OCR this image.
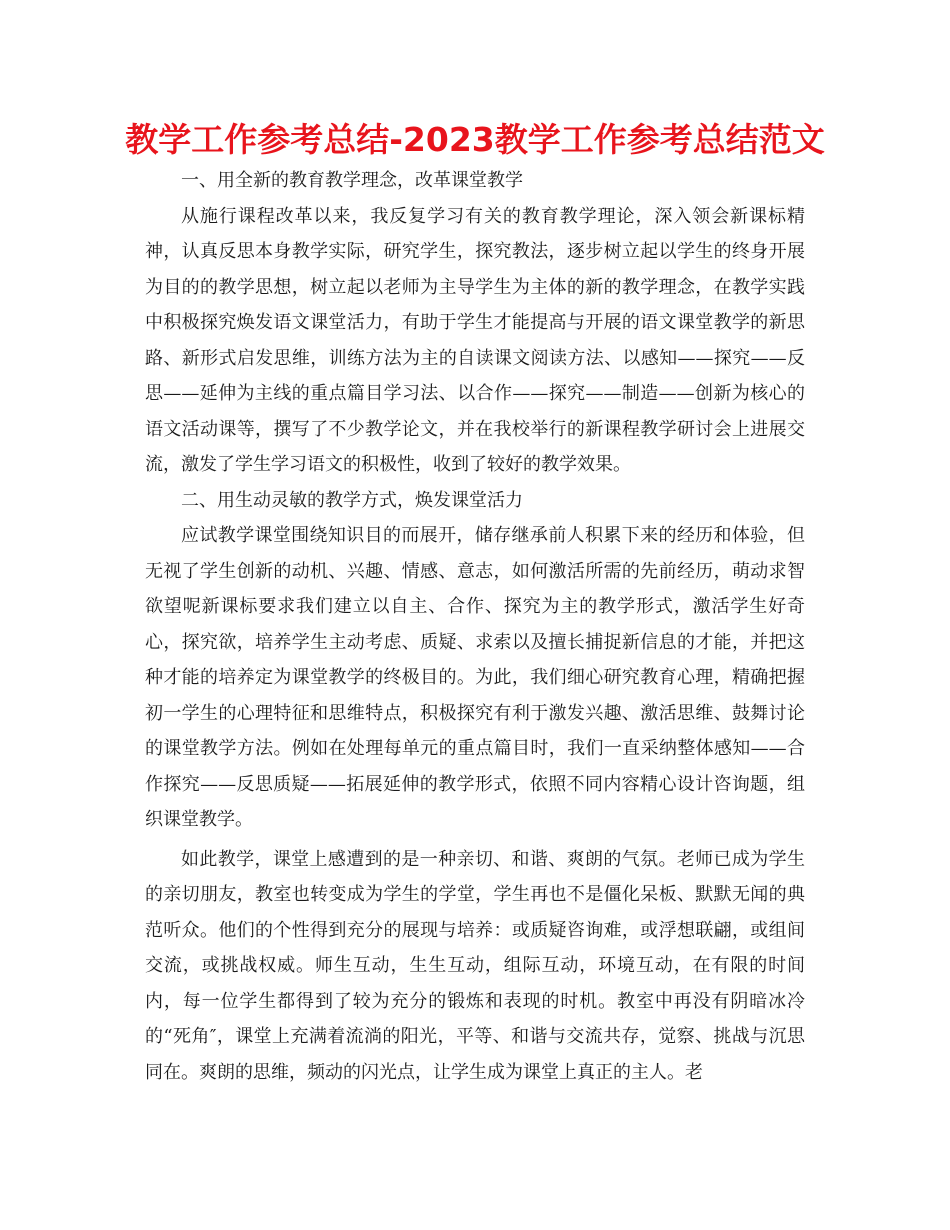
教学工作参考总结-2023教学工作参考总结范文

一、用全新的教育教学理念，改革课堂教学

从施行课程改革以来，我反复学习有关的教育教学理论，深入领会新课标精神，认真反思本身教学实际，研究学生，探究教法，逐步树立起以学生的终身开展为目的的教学思想，树立起以老师为主导学生为主体的新的教学理念，在教学实践中积极探究焕发语文课堂活力，有助于学生才能提高与开展的语文课堂教学的新思路、新形式启发思维，训练方法为主的自读课文阅读方法、以感知——探究——反思——延伸为主线的重点篇目学习法、以合作——探究——制造——创新为核心的语文活动课等，撰写了不少教学论文，并在我校举行的新课程教学研讨会上进展交流，激发了学生学习语文的积极性，收到了较好的教学效果。

二、用生动灵敏的教学方式，焕发课堂活力

应试教学课堂围绕知识目的而展开，储存继承前人积累下来的经历和体验，但无视了学生创新的动机、兴趣、情感、意志，如何激活所需的先前经历，萌动求智欲望呢新课标要求我们建立以自主、合作、探究为主的教学形式，激活学生好奇心，探究欲，培养学生主动考虑、质疑、求索以及擅长捕捉新信息的才能，并把这种才能的培养定为课堂教学的终极目的。为此，我们细心研究教育心理，精确把握初一学生的心理特征和思维特点，积极探究有利于激发兴趣、激活思维、鼓舞讨论的课堂教学方法。例如在处理每单元的重点篇目时，我们一直采纳整体感知——合作探究——反思质疑——拓展延伸的教学形式，依照不同内容精心设计咨询题，组织课堂教学。

如此教学，课堂上感遭到的是一种亲切、和谐、爽朗的气氛。老师已成为学生的亲切朋友，教室也转变成为学生的学堂，学生再也不是僵化呆板、默默无闻的典范听众。他们的个性得到充分的展现与培养：或质疑咨询难，或浮想联翩，或组间交流，或挑战权威。师生互动，生生互动，组际互动，环境互动，在有限的时间内，每一位学生都得到了较为充分的锻炼和表现的时机。教室中再没有阴暗冰冷的“死角″，课堂上充满着流淌的阳光，平等、和谐与交流共存，觉察、挑战与沉思同在。爽朗的思维，频动的闪光点，让学生成为课堂上真正的主人。老
